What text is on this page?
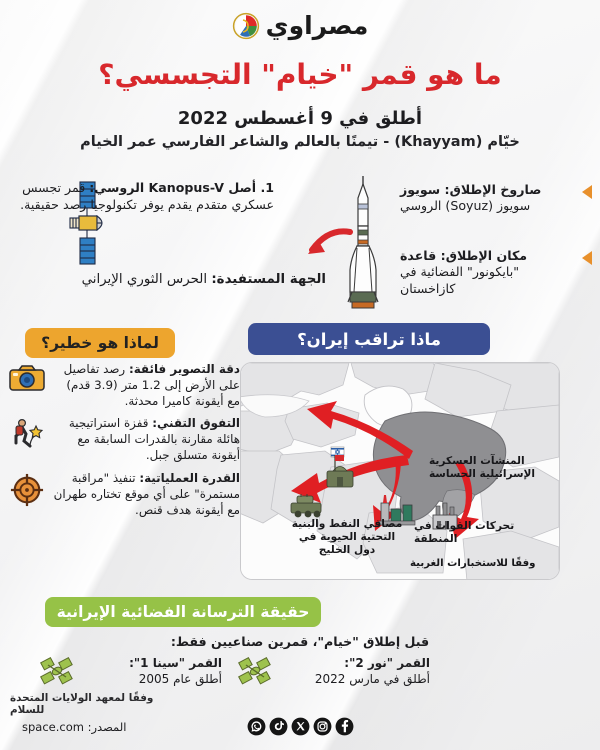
مصراوي
ما هو قمر "خيام" التجسسي؟
أطلق في 9 أغسطس 2022
خيّام (Khayyam) - تيمنًا بالعالم والشاعر الفارسي عمر الخيام
صاروخ الإطلاق: سويوز
سويوز (Soyuz) الروسي
مكان الإطلاق: قاعدة
"بايكونور" الفضائية في كازاخستان
1. أصل Kanopus-V الروسي: قمر تجسس عسكري متقدم يقدم يوفر تكنولوجيا رصد حقيقية.
الجهة المستفيدة: الحرس الثوري الإيراني
ماذا تراقب إيران؟
لماذا هو خطير؟
حقيقة الترسانة الفضائية الإيرانية
المنشآت العسكرية الإسرائيلية الحساسة
تحركات القوات في المنطقة
مصافي النفط والبنية التحتية الحيوية في دول الخليج
وفقًا للاستخبارات الغربية
دقة التصوير فائقة: رصد تفاصيل على الأرض إلى 1.2 متر (3.9 قدم) مع أيقونة كاميرا محدثة.
التفوق التقني: قفزة استراتيجية هائلة مقارنة بالقدرات السابقة مع أيقونة متسلق جبل.
القدرة العملياتية: تنفيذ "مراقبة مستمرة" على أي موقع تختاره طهران مع أيقونة هدف قنص.
قبل إطلاق "خيام"، قمرين صناعيين فقط:
القمر "سينا 1":
أطلق عام 2005
القمر "نور 2":
أطلق في مارس 2022
وفقًا لمعهد الولايات المتحدة للسلام
المصدر: space.com
